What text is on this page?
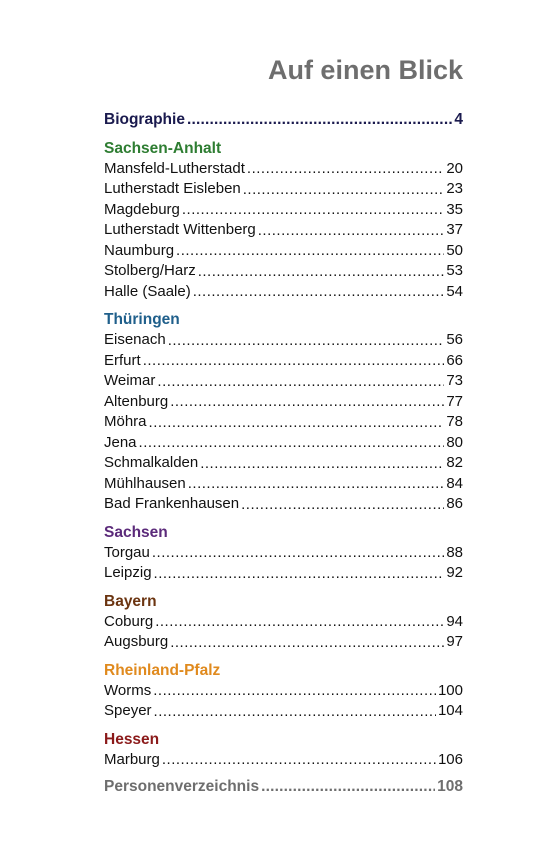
Auf einen Blick
Biographie .....	4
Sachsen-Anhalt
Mansfeld-Lutherstadt .....	20
Lutherstadt Eisleben .....	23
Magdeburg .....	35
Lutherstadt Wittenberg .....	37
Naumburg .....	50
Stolberg/Harz .....	53
Halle (Saale) .....	54
Thüringen
Eisenach .....	56
Erfurt .....	66
Weimar .....	73
Altenburg .....	77
Möhra .....	78
Jena .....	80
Schmalkalden .....	82
Mühlhausen .....	84
Bad Frankenhausen .....	86
Sachsen
Torgau .....	88
Leipzig .....	92
Bayern
Coburg .....	94
Augsburg .....	97
Rheinland-Pfalz
Worms .....	100
Speyer .....	104
Hessen
Marburg .....	106
Personenverzeichnis .....	108
